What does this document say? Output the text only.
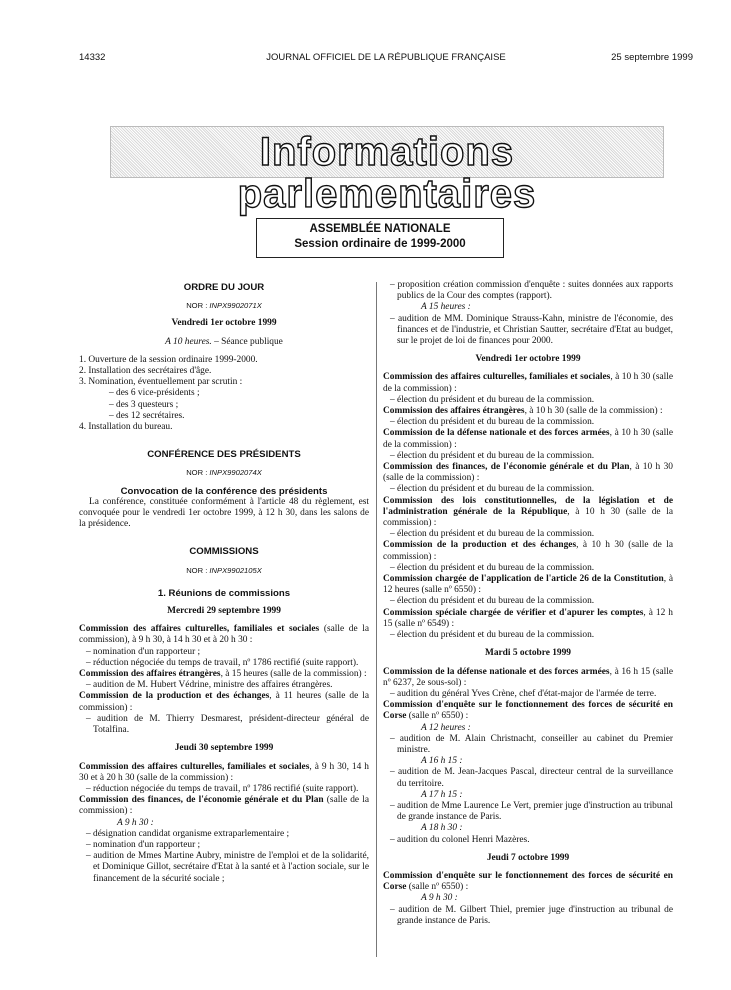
14332	JOURNAL OFFICIEL DE LA RÉPUBLIQUE FRANÇAISE	25 septembre 1999
Informations parlementaires
ASSEMBLÉE NATIONALE
Session ordinaire de 1999-2000

ORDRE DU JOUR

NOR : INPX9902071X

Vendredi 1er octobre 1999

A 10 heures. – Séance publique

1. Ouverture de la session ordinaire 1999-2000.

2. Installation des secrétaires d'âge.

3. Nomination, éventuellement par scrutin :

– des 6 vice-présidents ;

– des 3 questeurs ;

– des 12 secrétaires.

4. Installation du bureau.

CONFÉRENCE DES PRÉSIDENTS

NOR : INPX9902074X

Convocation de la conférence des présidents

La conférence, constituée conformément à l'article 48 du règlement, est convoquée pour le vendredi 1er octobre 1999, à 12 h 30, dans les salons de la présidence.

COMMISSIONS

NOR : INPX9902105X

1. Réunions de commissions

Mercredi 29 septembre 1999

Commission des affaires culturelles, familiales et sociales (salle de la commission), à 9 h 30, à 14 h 30 et à 20 h 30 :

– nomination d'un rapporteur ;

– réduction négociée du temps de travail, nº 1786 rectifié (suite rapport).

Commission des affaires étrangères, à 15 heures (salle de la commission) :

– audition de M. Hubert Védrine, ministre des affaires étrangères.

Commission de la production et des échanges, à 11 heures (salle de la commission) :

– audition de M. Thierry Desmarest, président-directeur général de Totalfina.

Jeudi 30 septembre 1999

Commission des affaires culturelles, familiales et sociales, à 9 h 30, 14 h 30 et à 20 h 30 (salle de la commission) :

– réduction négociée du temps de travail, nº 1786 rectifié (suite rapport).

Commission des finances, de l'économie générale et du Plan (salle de la commission) :

A 9 h 30 :

– désignation candidat organisme extraparlementaire ;

– nomination d'un rapporteur ;

– audition de Mmes Martine Aubry, ministre de l'emploi et de la solidarité, et Dominique Gillot, secrétaire d'Etat à la santé et à l'action sociale, sur le financement de la sécurité sociale ;

– proposition création commission d'enquête : suites données aux rapports publics de la Cour des comptes (rapport).

A 15 heures :

– audition de MM. Dominique Strauss-Kahn, ministre de l'économie, des finances et de l'industrie, et Christian Sautter, secrétaire d'Etat au budget, sur le projet de loi de finances pour 2000.

Vendredi 1er octobre 1999

Commission des affaires culturelles, familiales et sociales, à 10 h 30 (salle de la commission) :

– élection du président et du bureau de la commission.

Commission des affaires étrangères, à 10 h 30 (salle de la commission) :

– élection du président et du bureau de la commission.

Commission de la défense nationale et des forces armées, à 10 h 30 (salle de la commission) :

– élection du président et du bureau de la commission.

Commission des finances, de l'économie générale et du Plan, à 10 h 30 (salle de la commission) :

– élection du président et du bureau de la commission.

Commission des lois constitutionnelles, de la législation et de l'administration générale de la République, à 10 h 30 (salle de la commission) :

– élection du président et du bureau de la commission.

Commission de la production et des échanges, à 10 h 30 (salle de la commission) :

– élection du président et du bureau de la commission.

Commission chargée de l'application de l'article 26 de la Constitution, à 12 heures (salle nº 6550) :

– élection du président et du bureau de la commission.

Commission spéciale chargée de vérifier et d'apurer les comptes, à 12 h 15 (salle nº 6549) :

– élection du président et du bureau de la commission.

Mardi 5 octobre 1999

Commission de la défense nationale et des forces armées, à 16 h 15 (salle nº 6237, 2e sous-sol) :

– audition du général Yves Crène, chef d'état-major de l'armée de terre.

Commission d'enquête sur le fonctionnement des forces de sécurité en Corse (salle nº 6550) :

A 12 heures :

– audition de M. Alain Christnacht, conseiller au cabinet du Premier ministre.

A 16 h 15 :

– audition de M. Jean-Jacques Pascal, directeur central de la surveillance du territoire.

A 17 h 15 :

– audition de Mme Laurence Le Vert, premier juge d'instruction au tribunal de grande instance de Paris.

A 18 h 30 :

– audition du colonel Henri Mazères.

Jeudi 7 octobre 1999

Commission d'enquête sur le fonctionnement des forces de sécurité en Corse (salle nº 6550) :

A 9 h 30 :

– audition de M. Gilbert Thiel, premier juge d'instruction au tribunal de grande instance de Paris.
